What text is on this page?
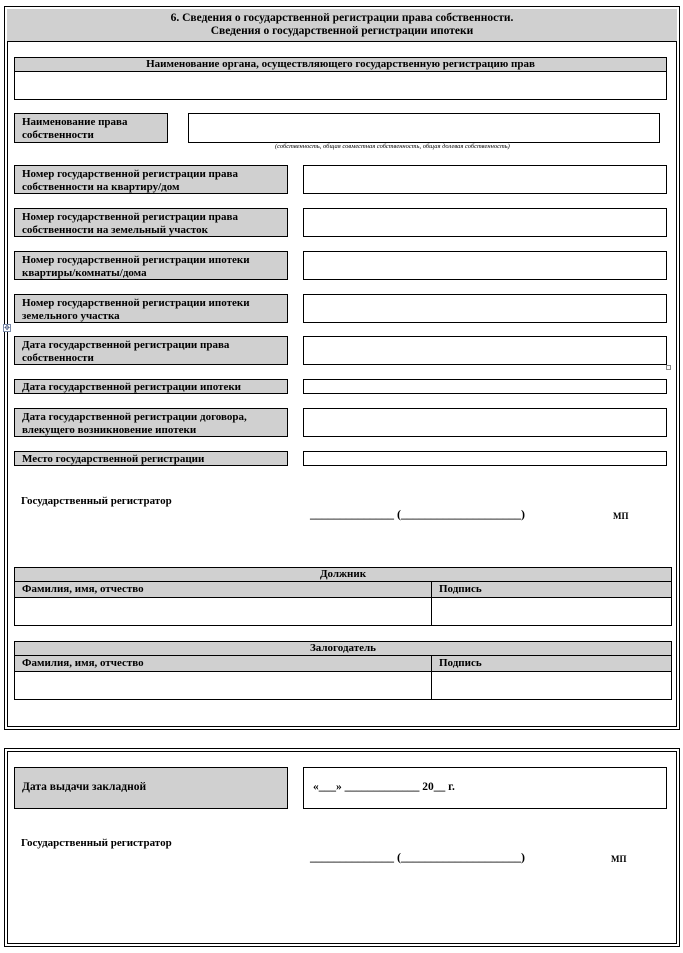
6. Сведения о государственной регистрации права собственности.
Сведения о государственной регистрации ипотеки
Наименование органа, осуществляющего государственную регистрацию прав
Наименование права
собственности
(собственность, общая совместная собственность, общая долевая собственность)
Номер государственной регистрации права
собственности на квартиру/дом
Номер государственной регистрации права
собственности на земельный участок
Номер государственной регистрации ипотеки
квартиры/комнаты/дома
Номер государственной регистрации ипотеки
земельного участка
Дата государственной регистрации права
собственности
Дата государственной регистрации ипотеки
Дата государственной регистрации договора,
влекущего возникновение ипотеки
Место государственной регистрации
✥
Государственный регистратор
______________ (____________________)	МП
Должник
Фамилия, имя, отчество	Подпись
Залогодатель
Фамилия, имя, отчество	Подпись
Дата выдачи закладной	«___» _____________ 20__ г.
Государственный регистратор
______________ (____________________)	МП
